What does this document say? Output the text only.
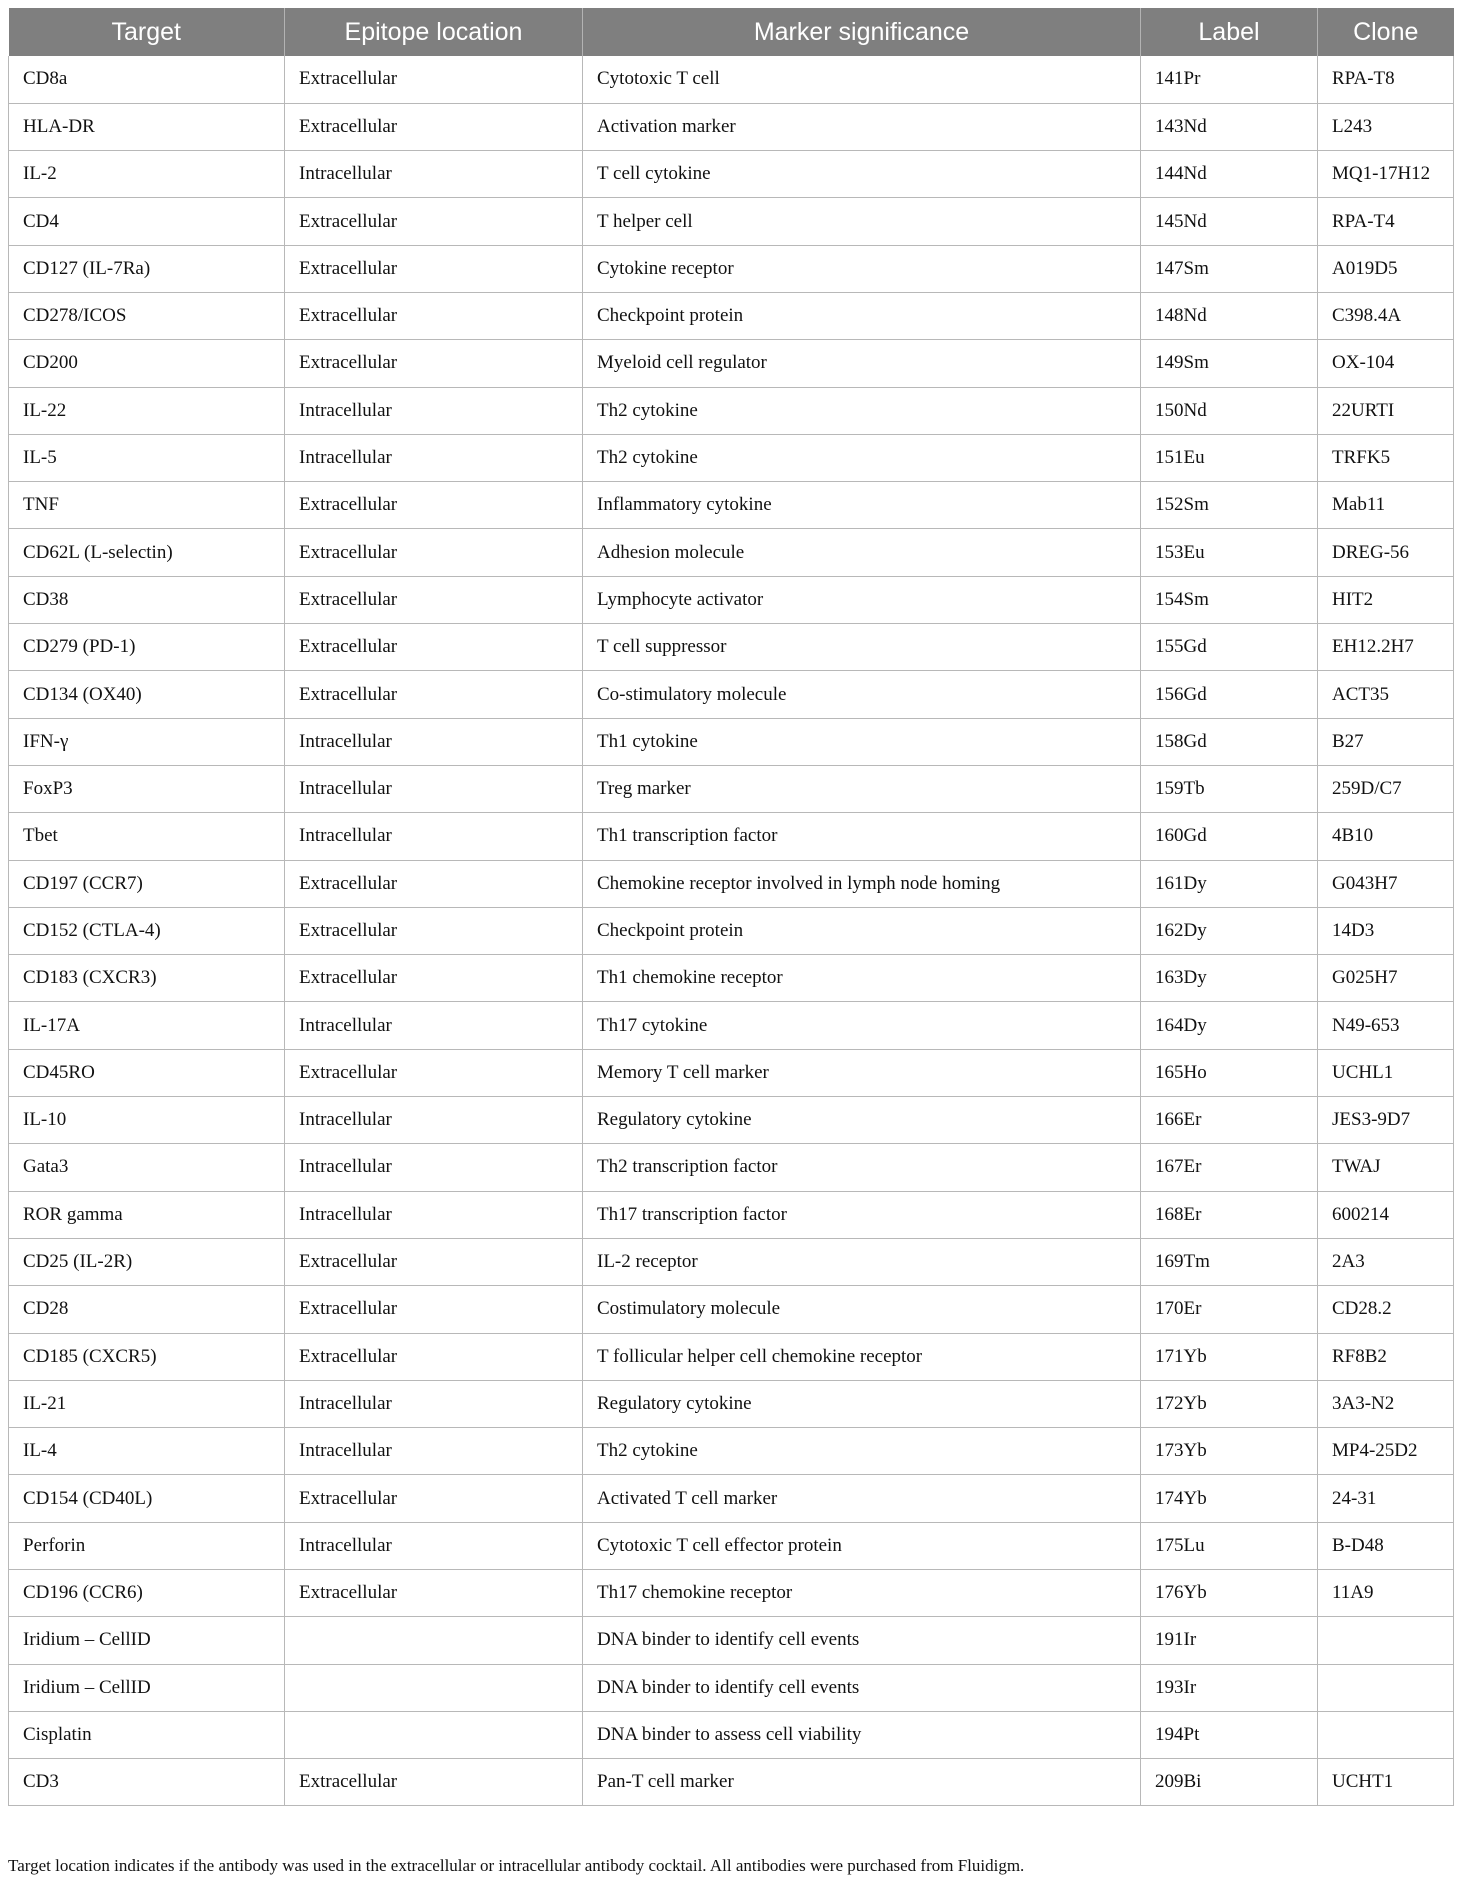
Target	Epitope location	Marker significance	Label	Clone
CD8a	Extracellular	Cytotoxic T cell	141Pr	RPA-T8
HLA-DR	Extracellular	Activation marker	143Nd	L243
IL-2	Intracellular	T cell cytokine	144Nd	MQ1-17H12
CD4	Extracellular	T helper cell	145Nd	RPA-T4
CD127 (IL-7Ra)	Extracellular	Cytokine receptor	147Sm	A019D5
CD278/ICOS	Extracellular	Checkpoint protein	148Nd	C398.4A
CD200	Extracellular	Myeloid cell regulator	149Sm	OX-104
IL-22	Intracellular	Th2 cytokine	150Nd	22URTI
IL-5	Intracellular	Th2 cytokine	151Eu	TRFK5
TNF	Extracellular	Inflammatory cytokine	152Sm	Mab11
CD62L (L-selectin)	Extracellular	Adhesion molecule	153Eu	DREG-56
CD38	Extracellular	Lymphocyte activator	154Sm	HIT2
CD279 (PD-1)	Extracellular	T cell suppressor	155Gd	EH12.2H7
CD134 (OX40)	Extracellular	Co-stimulatory molecule	156Gd	ACT35
IFN-γ	Intracellular	Th1 cytokine	158Gd	B27
FoxP3	Intracellular	Treg marker	159Tb	259D/C7
Tbet	Intracellular	Th1 transcription factor	160Gd	4B10
CD197 (CCR7)	Extracellular	Chemokine receptor involved in lymph node homing	161Dy	G043H7
CD152 (CTLA-4)	Extracellular	Checkpoint protein	162Dy	14D3
CD183 (CXCR3)	Extracellular	Th1 chemokine receptor	163Dy	G025H7
IL-17A	Intracellular	Th17 cytokine	164Dy	N49-653
CD45RO	Extracellular	Memory T cell marker	165Ho	UCHL1
IL-10	Intracellular	Regulatory cytokine	166Er	JES3-9D7
Gata3	Intracellular	Th2 transcription factor	167Er	TWAJ
ROR gamma	Intracellular	Th17 transcription factor	168Er	600214
CD25 (IL-2R)	Extracellular	IL-2 receptor	169Tm	2A3
CD28	Extracellular	Costimulatory molecule	170Er	CD28.2
CD185 (CXCR5)	Extracellular	T follicular helper cell chemokine receptor	171Yb	RF8B2
IL-21	Intracellular	Regulatory cytokine	172Yb	3A3-N2
IL-4	Intracellular	Th2 cytokine	173Yb	MP4-25D2
CD154 (CD40L)	Extracellular	Activated T cell marker	174Yb	24-31
Perforin	Intracellular	Cytotoxic T cell effector protein	175Lu	B-D48
CD196 (CCR6)	Extracellular	Th17 chemokine receptor	176Yb	11A9
Iridium – CellID		DNA binder to identify cell events	191Ir	
Iridium – CellID		DNA binder to identify cell events	193Ir	
Cisplatin		DNA binder to assess cell viability	194Pt	
CD3	Extracellular	Pan-T cell marker	209Bi	UCHT1
Target location indicates if the antibody was used in the extracellular or intracellular antibody cocktail. All antibodies were purchased from Fluidigm.
